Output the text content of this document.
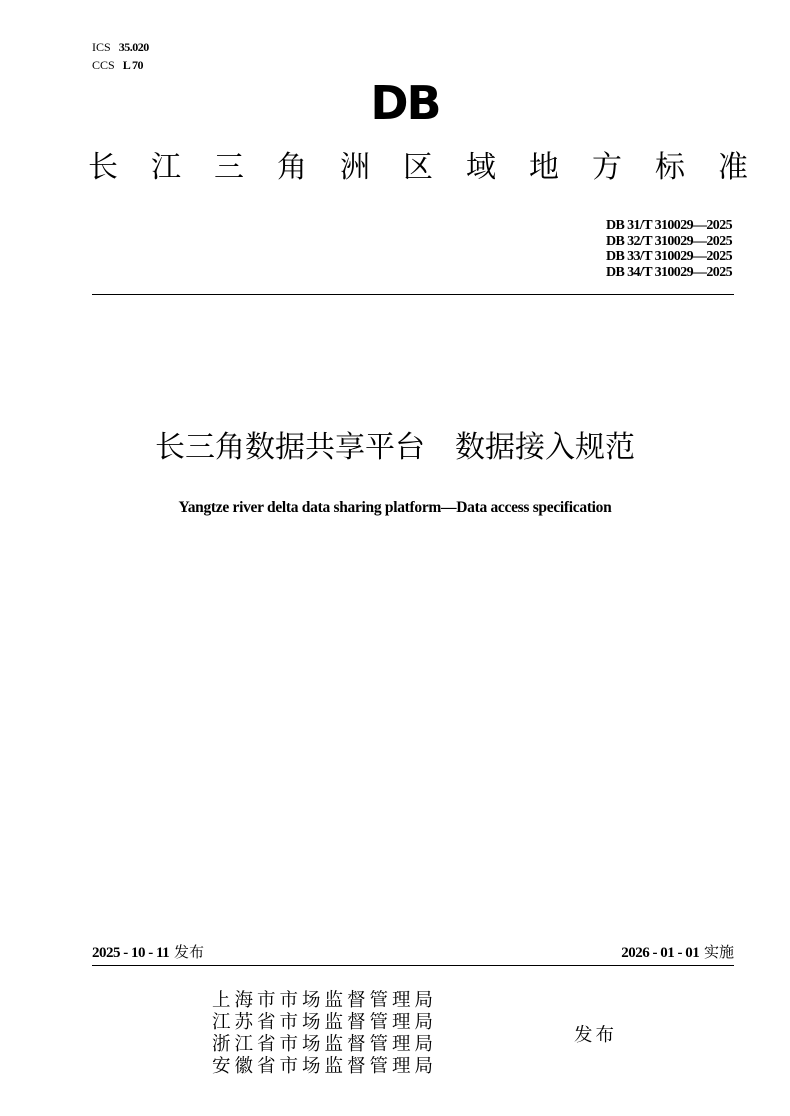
ICS 35.020
CCS L 70
DB
长 江 三 角 洲 区 域 地 方 标 准
DB 31/T 310029—2025
DB 32/T 310029—2025
DB 33/T 310029—2025
DB 34/T 310029—2025
长三角数据共享平台　数据接入规范
Yangtze river delta data sharing platform—Data access specification
2025 - 10 - 11 发布	2026 - 01 - 01 实施
上海市市场监督管理局
江苏省市场监督管理局
浙江省市场监督管理局
安徽省市场监督管理局
发布
